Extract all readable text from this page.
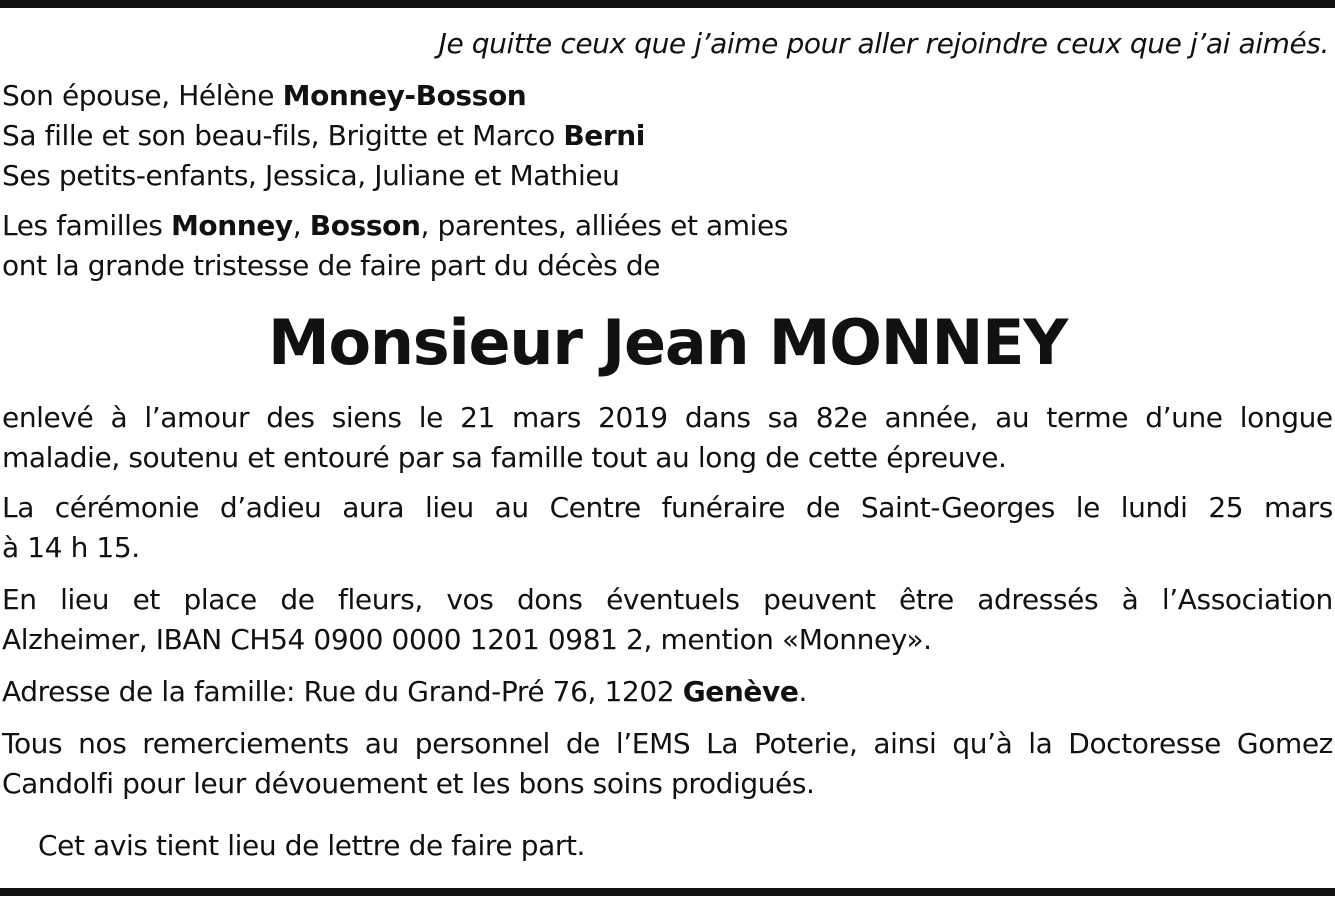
Je quitte ceux que j’aime pour aller rejoindre ceux que j’ai aimés.
Son épouse, Hélène Monney-Bosson
Sa fille et son beau-fils, Brigitte et Marco Berni
Ses petits-enfants, Jessica, Juliane et Mathieu
Les familles Monney, Bosson, parentes, alliées et amies
ont la grande tristesse de faire part du décès de
Monsieur Jean MONNEY
enlevé à l’amour des siens le 21 mars 2019 dans sa 82e année, au terme d’une longue
maladie, soutenu et entouré par sa famille tout au long de cette épreuve.
La cérémonie d’adieu aura lieu au Centre funéraire de Saint-Georges le lundi 25 mars
à 14 h 15.
En lieu et place de fleurs, vos dons éventuels peuvent être adressés à l’Association
Alzheimer, IBAN CH54 0900 0000 1201 0981 2, mention «Monney».
Adresse de la famille: Rue du Grand-Pré 76, 1202 Genève.
Tous nos remerciements au personnel de l’EMS La Poterie, ainsi qu’à la Doctoresse Gomez
Candolfi pour leur dévouement et les bons soins prodigués.
Cet avis tient lieu de lettre de faire part.
